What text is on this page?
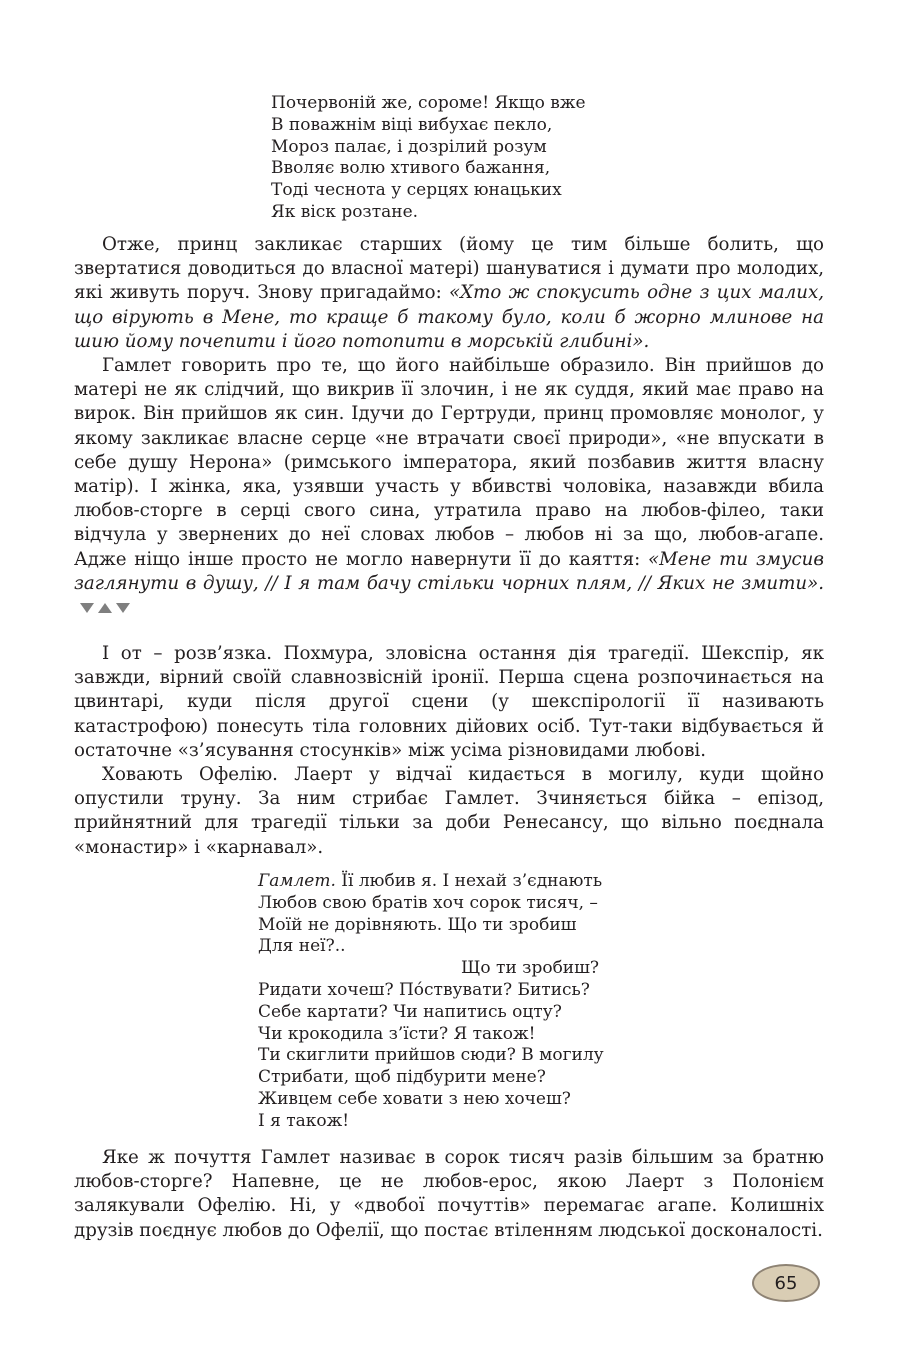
Почервоній же, сороме! Якщо вже
В поважнім віці вибухає пекло,
Мороз палає, і дозрілий розум
Вволяє волю хтивого бажання,
Тоді чеснота у серцях юнацьких
Як віск розтане.

Отже, принц закликає старших (йому це тим більше болить, що звертатися доводиться до власної матері) шануватися і думати про молодих, які живуть поруч. Знову пригадаймо: «Хто ж спокусить одне з цих малих, що вірують в Мене, то краще б такому було, коли б жорно млинове на шию йому почепити і його потопити в морській глибині».

Гамлет говорить про те, що його найбільше образило. Він прийшов до матері не як слідчий, що викрив її злочин, і не як суддя, який має право на вирок. Він прийшов як син. Ідучи до Гертруди, принц промовляє монолог, у якому закликає власне серце «не втрачати своєї природи», «не впускати в себе душу Нерона» (римського імператора, який позбавив життя власну матір). І жінка, яка, узявши участь у вбивстві чоловіка, назавжди вбила любов-сторге в серці свого сина, утратила право на любов-філео, таки відчула у звернених до неї словах любов – любов ні за що, любов-агапе. Адже ніщо інше просто не могло навернути її до каяття: «Мене ти змусив заглянути в душу, // І я там бачу стільки чорних плям, // Яких не змити».

І от – розв’язка. Похмура, зловісна остання дія трагедії. Шекспір, як завжди, вірний своїй славнозвісній іронії. Перша сцена розпочинається на цвинтарі, куди після другої сцени (у шекспірології її називають катастрофою) понесуть тіла головних дійових осіб. Тут-таки відбувається й остаточне «з’ясування стосунків» між усіма різновидами любові.

Ховають Офелію. Лаерт у відчаї кидається в могилу, куди щойно опустили труну. За ним стрибає Гамлет. Зчиняється бійка – епізод, прийнятний для трагедії тільки за доби Ренесансу, що вільно поєднала «монастир» і «карнавал».

Гамлет. Її любив я. І нехай з’єднають
Любов свою братів хоч сорок тисяч, –
Моїй не дорівняють. Що ти зробиш
Для неї?..
Що ти зробиш?
Ридати хочеш? По́ствувати? Битись?
Себе картати? Чи напитись оцту?
Чи крокодила з’їсти? Я також!
Ти скиглити прийшов сюди? В могилу
Стрибати, щоб підбурити мене?
Живцем себе ховати з нею хочеш?
І я також!

Яке ж почуття Гамлет називає в сорок тисяч разів більшим за братню любов-сторге? Напевне, це не любов-ерос, якою Лаерт з Полонієм залякували Офелію. Ні, у «двобої почуттів» перемагає агапе. Колишніх друзів поєднує любов до Офелії, що постає втіленням людської досконалості.

65
